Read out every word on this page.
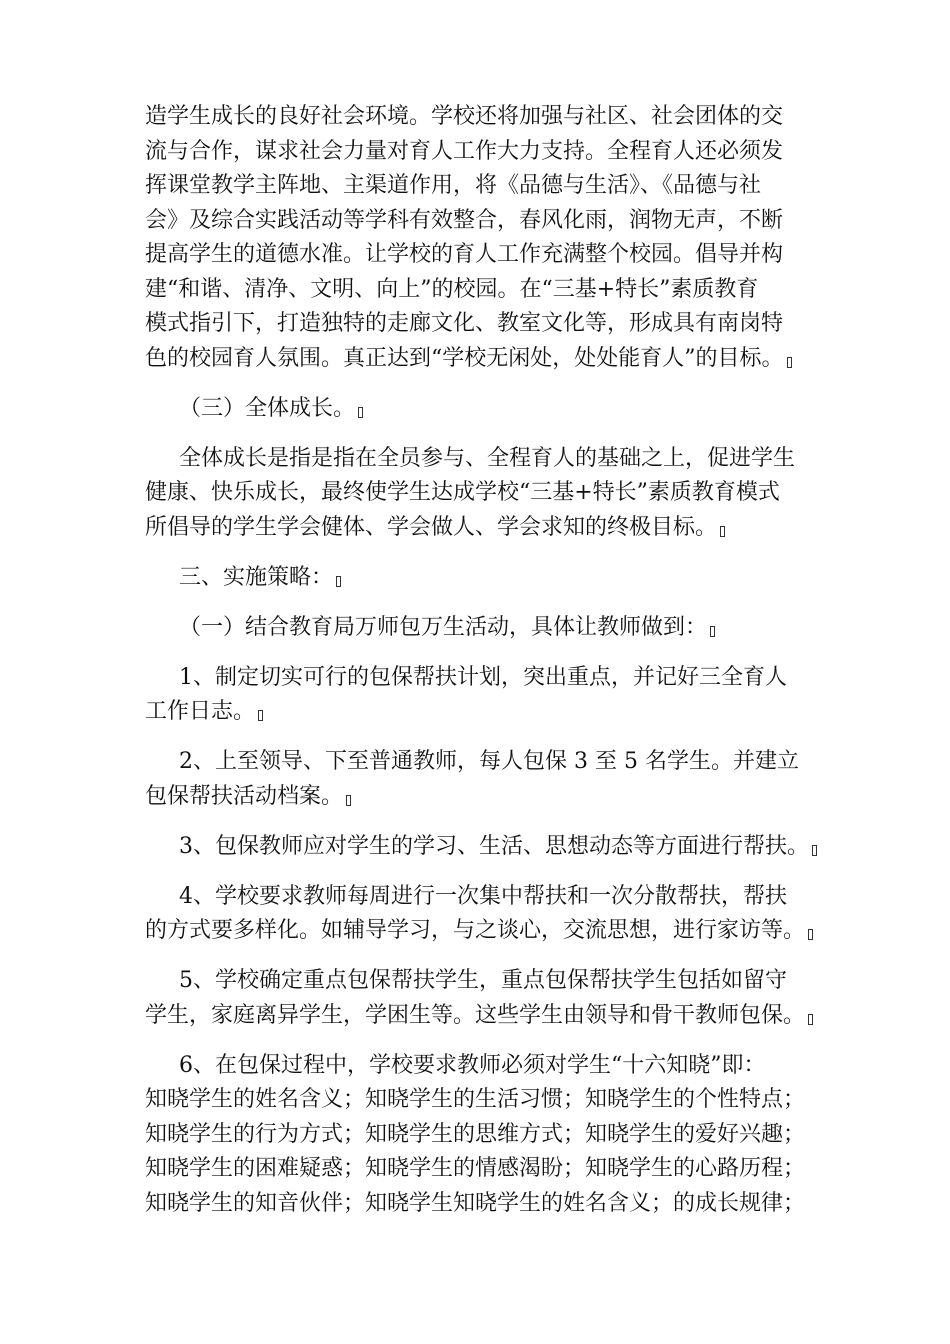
造学生成长的良好社会环境。学校还将加强与社区、社会团体的交
流与合作，谋求社会力量对育人工作大力支持。全程育人还必须发
挥课堂教学主阵地、主渠道作用，将《品德与生活》、《品德与社
会》及综合实践活动等学科有效整合，春风化雨，润物无声，不断
提高学生的道德水准。让学校的育人工作充满整个校园。倡导并构
建“和谐、清净、文明、向上”的校园。在“三基+特长”素质教育
模式指引下，打造独特的走廊文化、教室文化等，形成具有南岗特
色的校园育人氛围。真正达到“学校无闲处，处处能育人”的目标。
（三）全体成长。
全体成长是指是指在全员参与、全程育人的基础之上，促进学生
健康、快乐成长，最终使学生达成学校“三基+特长”素质教育模式
所倡导的学生学会健体、学会做人、学会求知的终极目标。
三、实施策略：
（一）结合教育局万师包万生活动，具体让教师做到：
1、制定切实可行的包保帮扶计划，突出重点，并记好三全育人
工作日志。
2、上至领导、下至普通教师，每人包保 3 至 5 名学生。并建立
包保帮扶活动档案。
3、包保教师应对学生的学习、生活、思想动态等方面进行帮扶。
4、学校要求教师每周进行一次集中帮扶和一次分散帮扶，帮扶
的方式要多样化。如辅导学习，与之谈心，交流思想，进行家访等。
5、学校确定重点包保帮扶学生，重点包保帮扶学生包括如留守
学生，家庭离异学生，学困生等。这些学生由领导和骨干教师包保。
6、在包保过程中，学校要求教师必须对学生“十六知晓”即：
知晓学生的姓名含义；知晓学生的生活习惯；知晓学生的个性特点；
知晓学生的行为方式；知晓学生的思维方式；知晓学生的爱好兴趣；
知晓学生的困难疑惑；知晓学生的情感渴盼；知晓学生的心路历程；
知晓学生的知音伙伴；知晓学生知晓学生的姓名含义；的成长规律；
